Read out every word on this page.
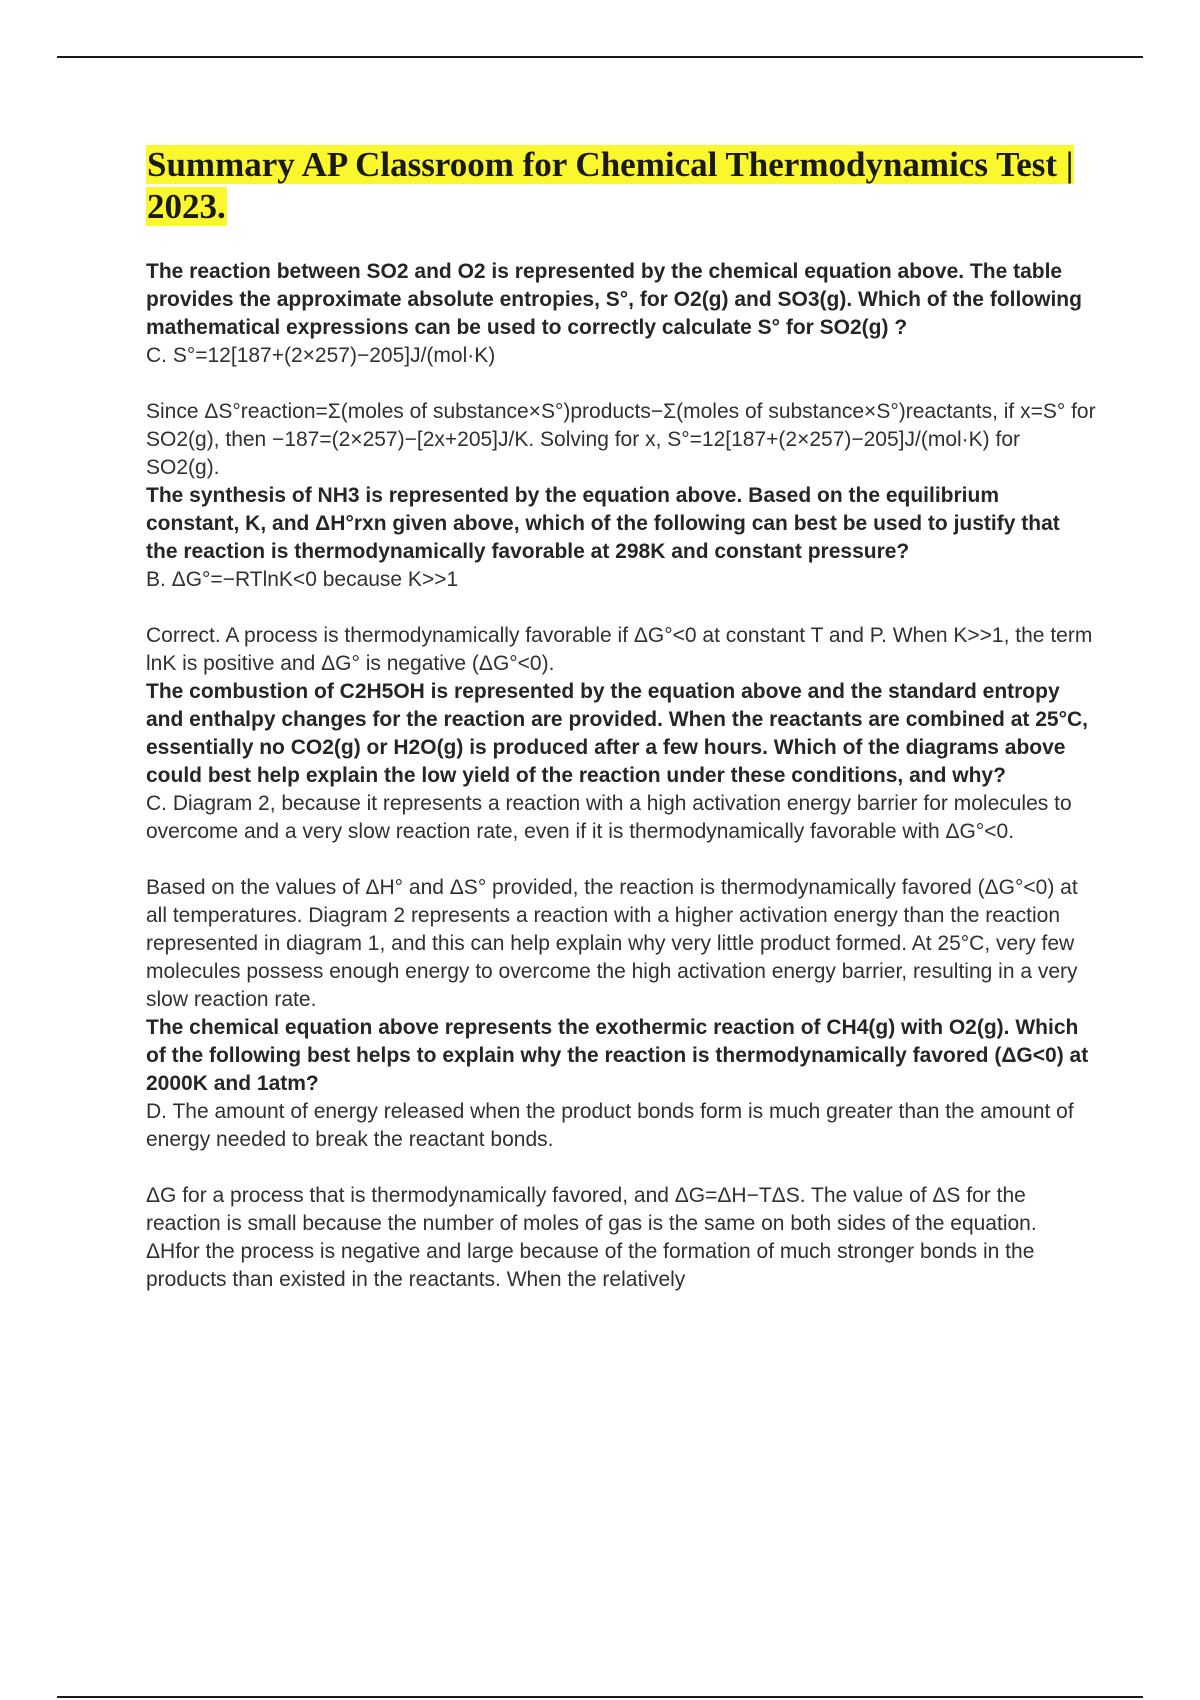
Summary AP Classroom for Chemical Thermodynamics Test | 2023.

The reaction between SO2 and O2 is represented by the chemical equation above. The table provides the approximate absolute entropies, S°, for O2(g) and SO3(g). Which of the following mathematical expressions can be used to correctly calculate S° for SO2(g) ?

C. S°=12[187+(2×257)−205]J/(mol·K)

Since ΔS°reaction=Σ(moles of substance×S°)products−Σ(moles of substance×S°)reactants, if x=S° for SO2(g), then −187=(2×257)−[2x+205]J/K. Solving for x, S°=12[187+(2×257)−205]J/(mol·K) for SO2(g).

The synthesis of NH3 is represented by the equation above. Based on the equilibrium constant, K, and ΔH°rxn given above, which of the following can best be used to justify that the reaction is thermodynamically favorable at 298K and constant pressure?

B. ΔG°=−RTlnK<0 because K>>1

Correct. A process is thermodynamically favorable if ΔG°<0 at constant T and P. When K>>1, the term lnK is positive and ΔG° is negative (ΔG°<0).

The combustion of C2H5OH is represented by the equation above and the standard entropy and enthalpy changes for the reaction are provided. When the reactants are combined at 25°C, essentially no CO2(g) or H2O(g) is produced after a few hours. Which of the diagrams above could best help explain the low yield of the reaction under these conditions, and why?

C. Diagram 2, because it represents a reaction with a high activation energy barrier for molecules to overcome and a very slow reaction rate, even if it is thermodynamically favorable with ΔG°<0.

Based on the values of ΔH° and ΔS° provided, the reaction is thermodynamically favored (ΔG°<0) at all temperatures. Diagram 2 represents a reaction with a higher activation energy than the reaction represented in diagram 1, and this can help explain why very little product formed. At 25°C, very few molecules possess enough energy to overcome the high activation energy barrier, resulting in a very slow reaction rate.

The chemical equation above represents the exothermic reaction of CH4(g) with O2(g). Which of the following best helps to explain why the reaction is thermodynamically favored (ΔG<0) at 2000K and 1atm?

D. The amount of energy released when the product bonds form is much greater than the amount of energy needed to break the reactant bonds.

ΔG for a process that is thermodynamically favored, and ΔG=ΔH−TΔS. The value of ΔS for the reaction is small because the number of moles of gas is the same on both sides of the equation. ΔHfor the process is negative and large because of the formation of much stronger bonds in the products than existed in the reactants. When the relatively
